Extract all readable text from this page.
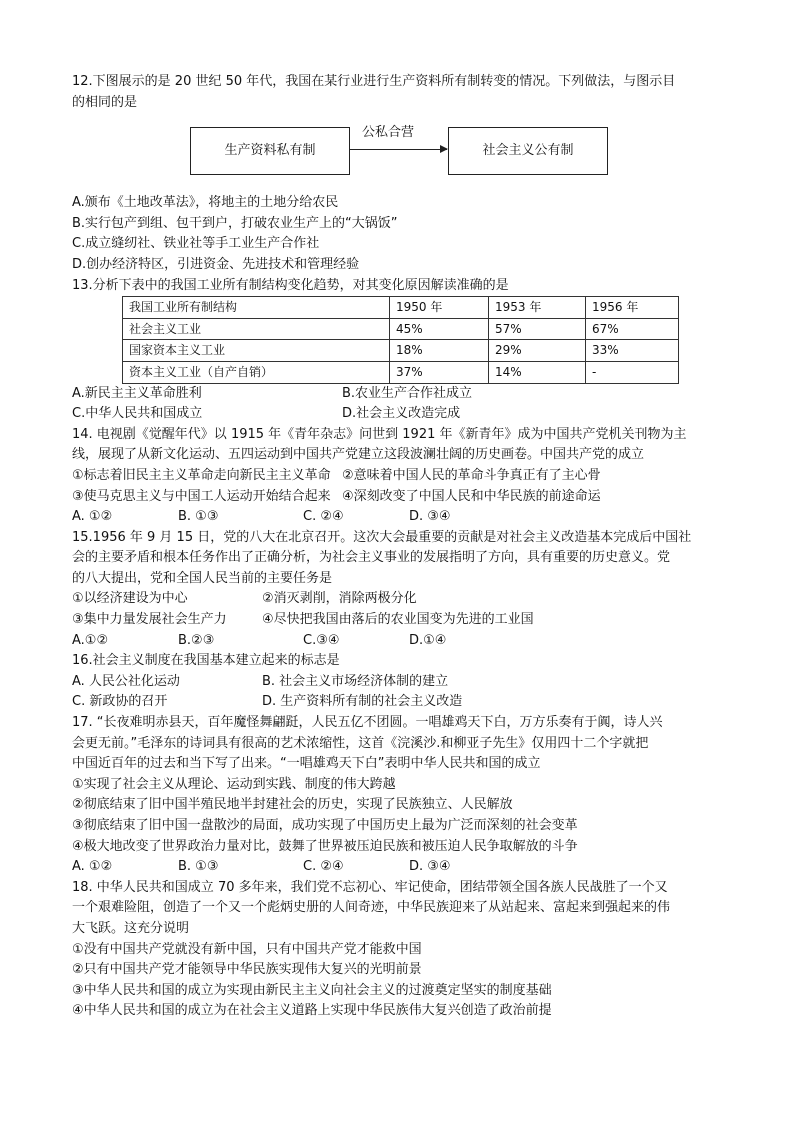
12.下图展示的是 20 世纪 50 年代，我国在某行业进行生产资料所有制转变的情况。下列做法，与图示目
的相同的是
生产资料私有制
公私合营
社会主义公有制
A.颁布《土地改革法》，将地主的土地分给农民
B.实行包产到组、包干到户，打破农业生产上的“大锅饭”
C.成立缝纫社、铁业社等手工业生产合作社
D.创办经济特区，引进资金、先进技术和管理经验
13.分析下表中的我国工业所有制结构变化趋势，对其变化原因解读准确的是
我国工业所有制结构	1950 年	1953 年	1956 年
社会主义工业	45%	57%	67%
国家资本主义工业	18%	29%	33%
资本主义工业（自产自销）	37%	14%	-
A.新民主主义革命胜利	B.农业生产合作社成立
C.中华人民共和国成立	D.社会主义改造完成
14. 电视剧《觉醒年代》以 1915 年《青年杂志》问世到 1921 年《新青年》成为中国共产党机关刊物为主
线，展现了从新文化运动、五四运动到中国共产党建立这段波澜壮阔的历史画卷。中国共产党的成立
①标志着旧民主主义革命走向新民主主义革命 ②意味着中国人民的革命斗争真正有了主心骨
③使马克思主义与中国工人运动开始结合起来 ④深刻改变了中国人民和中华民族的前途命运
A. ①②	B. ①③	C. ②④	D. ③④
15.1956 年 9 月 15 日，党的八大在北京召开。这次大会最重要的贡献是对社会主义改造基本完成后中国社
会的主要矛盾和根本任务作出了正确分析，为社会主义事业的发展指明了方向，具有重要的历史意义。党
的八大提出，党和全国人民当前的主要任务是
①以经济建设为中心	②消灭剥削，消除两极分化
③集中力量发展社会生产力	④尽快把我国由落后的农业国变为先进的工业国
A.①②	B.②③	C.③④	D.①④
16.社会主义制度在我国基本建立起来的标志是
A. 人民公社化运动	B. 社会主义市场经济体制的建立
C. 新政协的召开	D. 生产资料所有制的社会主义改造
17. “长夜难明赤县天，百年魔怪舞翩跹，人民五亿不团圆。一唱雄鸡天下白，万方乐奏有于阗，诗人兴
会更无前。”毛泽东的诗词具有很高的艺术浓缩性，这首《浣溪沙.和柳亚子先生》仅用四十二个字就把
中国近百年的过去和当下写了出来。“一唱雄鸡天下白”表明中华人民共和国的成立
①实现了社会主义从理论、运动到实践、制度的伟大跨越
②彻底结束了旧中国半殖民地半封建社会的历史，实现了民族独立、人民解放
③彻底结束了旧中国一盘散沙的局面，成功实现了中国历史上最为广泛而深刻的社会变革
④极大地改变了世界政治力量对比，鼓舞了世界被压迫民族和被压迫人民争取解放的斗争
A. ①②	B. ①③	C. ②④	D. ③④
18. 中华人民共和国成立 70 多年来，我们党不忘初心、牢记使命，团结带领全国各族人民战胜了一个又
一个艰难险阻，创造了一个又一个彪炳史册的人间奇迹，中华民族迎来了从站起来、富起来到强起来的伟
大飞跃。这充分说明
①没有中国共产党就没有新中国，只有中国共产党才能救中国
②只有中国共产党才能领导中华民族实现伟大复兴的光明前景
③中华人民共和国的成立为实现由新民主主义向社会主义的过渡奠定坚实的制度基础
④中华人民共和国的成立为在社会主义道路上实现中华民族伟大复兴创造了政治前提
